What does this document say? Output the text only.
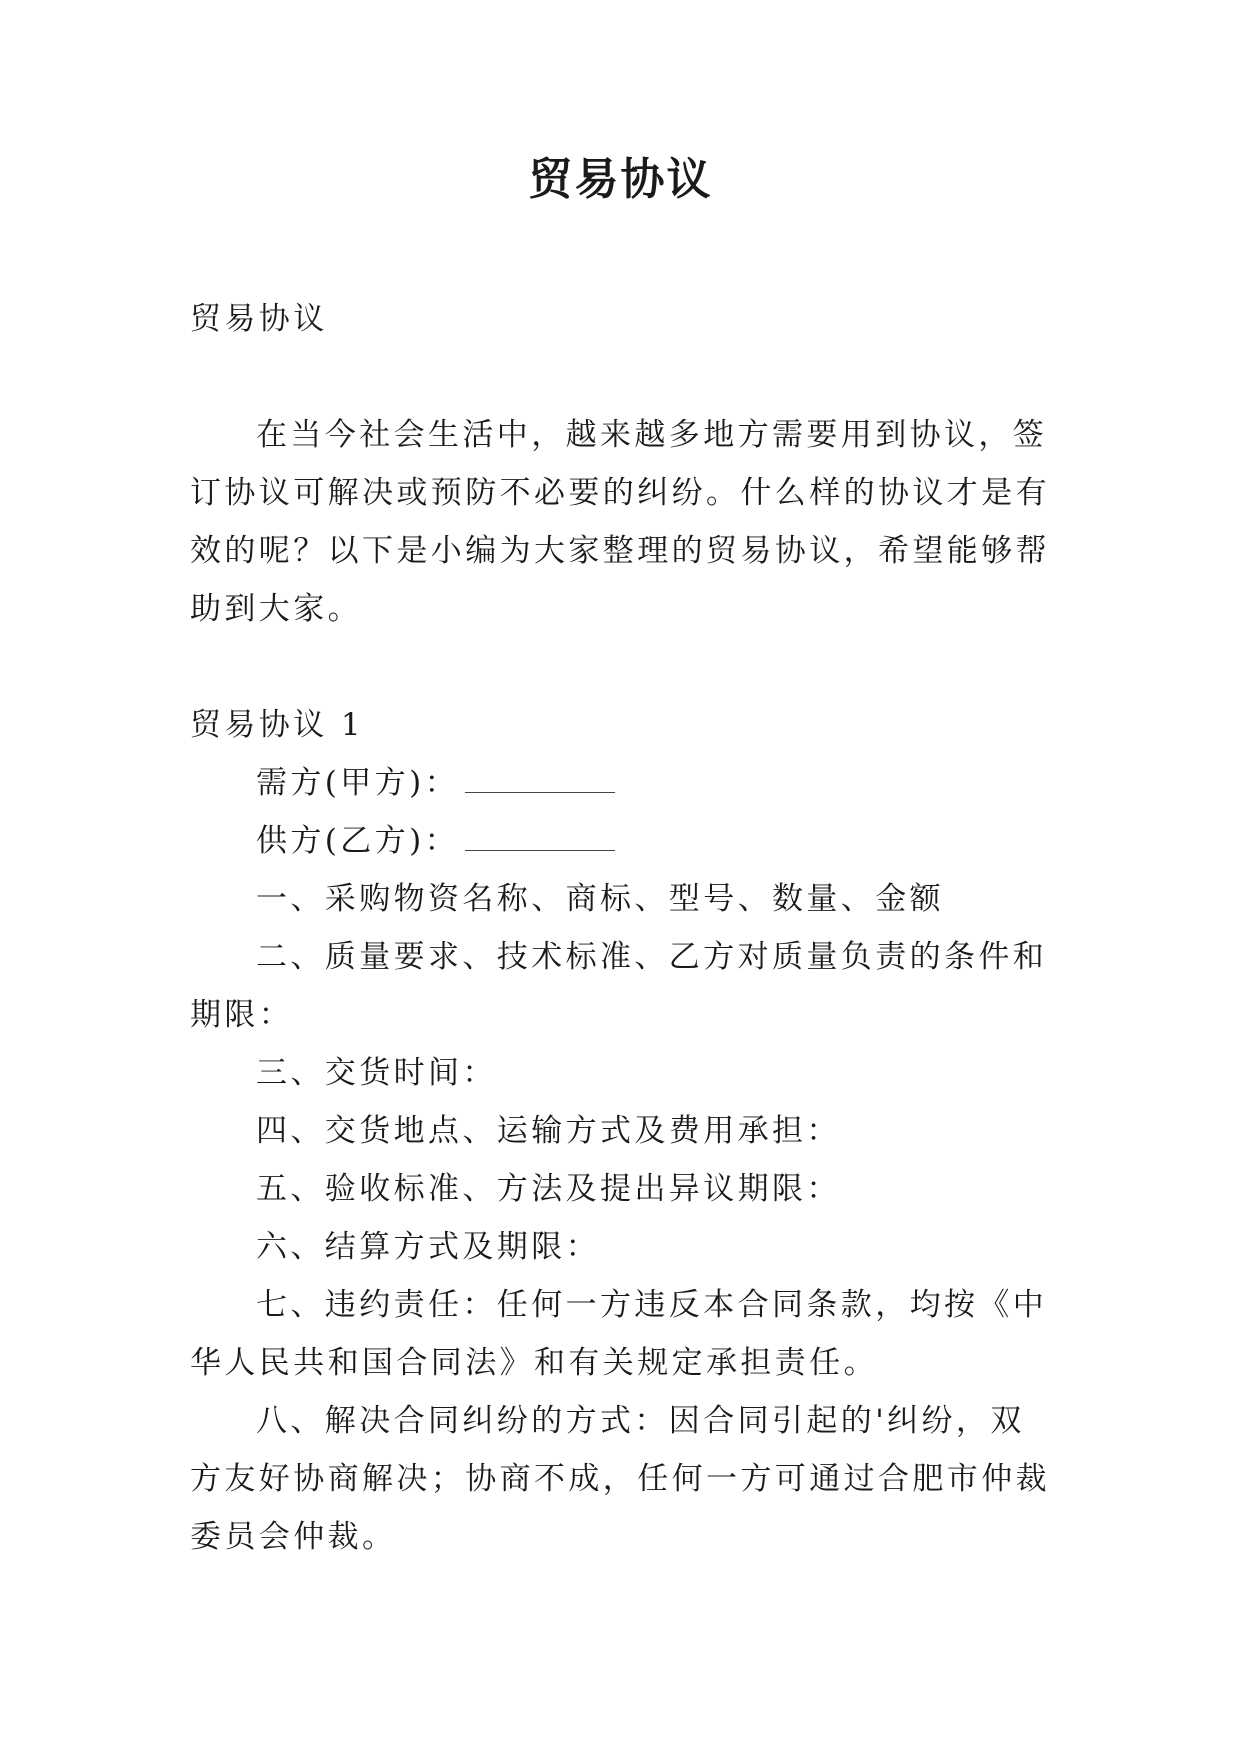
贸易协议

贸易协议

在当今社会生活中，越来越多地方需要用到协议，签订协议可解决或预防不必要的纠纷。什么样的协议才是有效的呢？以下是小编为大家整理的贸易协议，希望能够帮助到大家。

贸易协议 1

需方(甲方)：

供方(乙方)：

一、采购物资名称、商标、型号、数量、金额

二、质量要求、技术标准、乙方对质量负责的条件和期限：

三、交货时间：

四、交货地点、运输方式及费用承担：

五、验收标准、方法及提出异议期限：

六、结算方式及期限：

七、违约责任：任何一方违反本合同条款，均按《中华人民共和国合同法》和有关规定承担责任。

八、解决合同纠纷的方式：因合同引起的'纠纷，双方友好协商解决；协商不成，任何一方可通过合肥市仲裁委员会仲裁。
